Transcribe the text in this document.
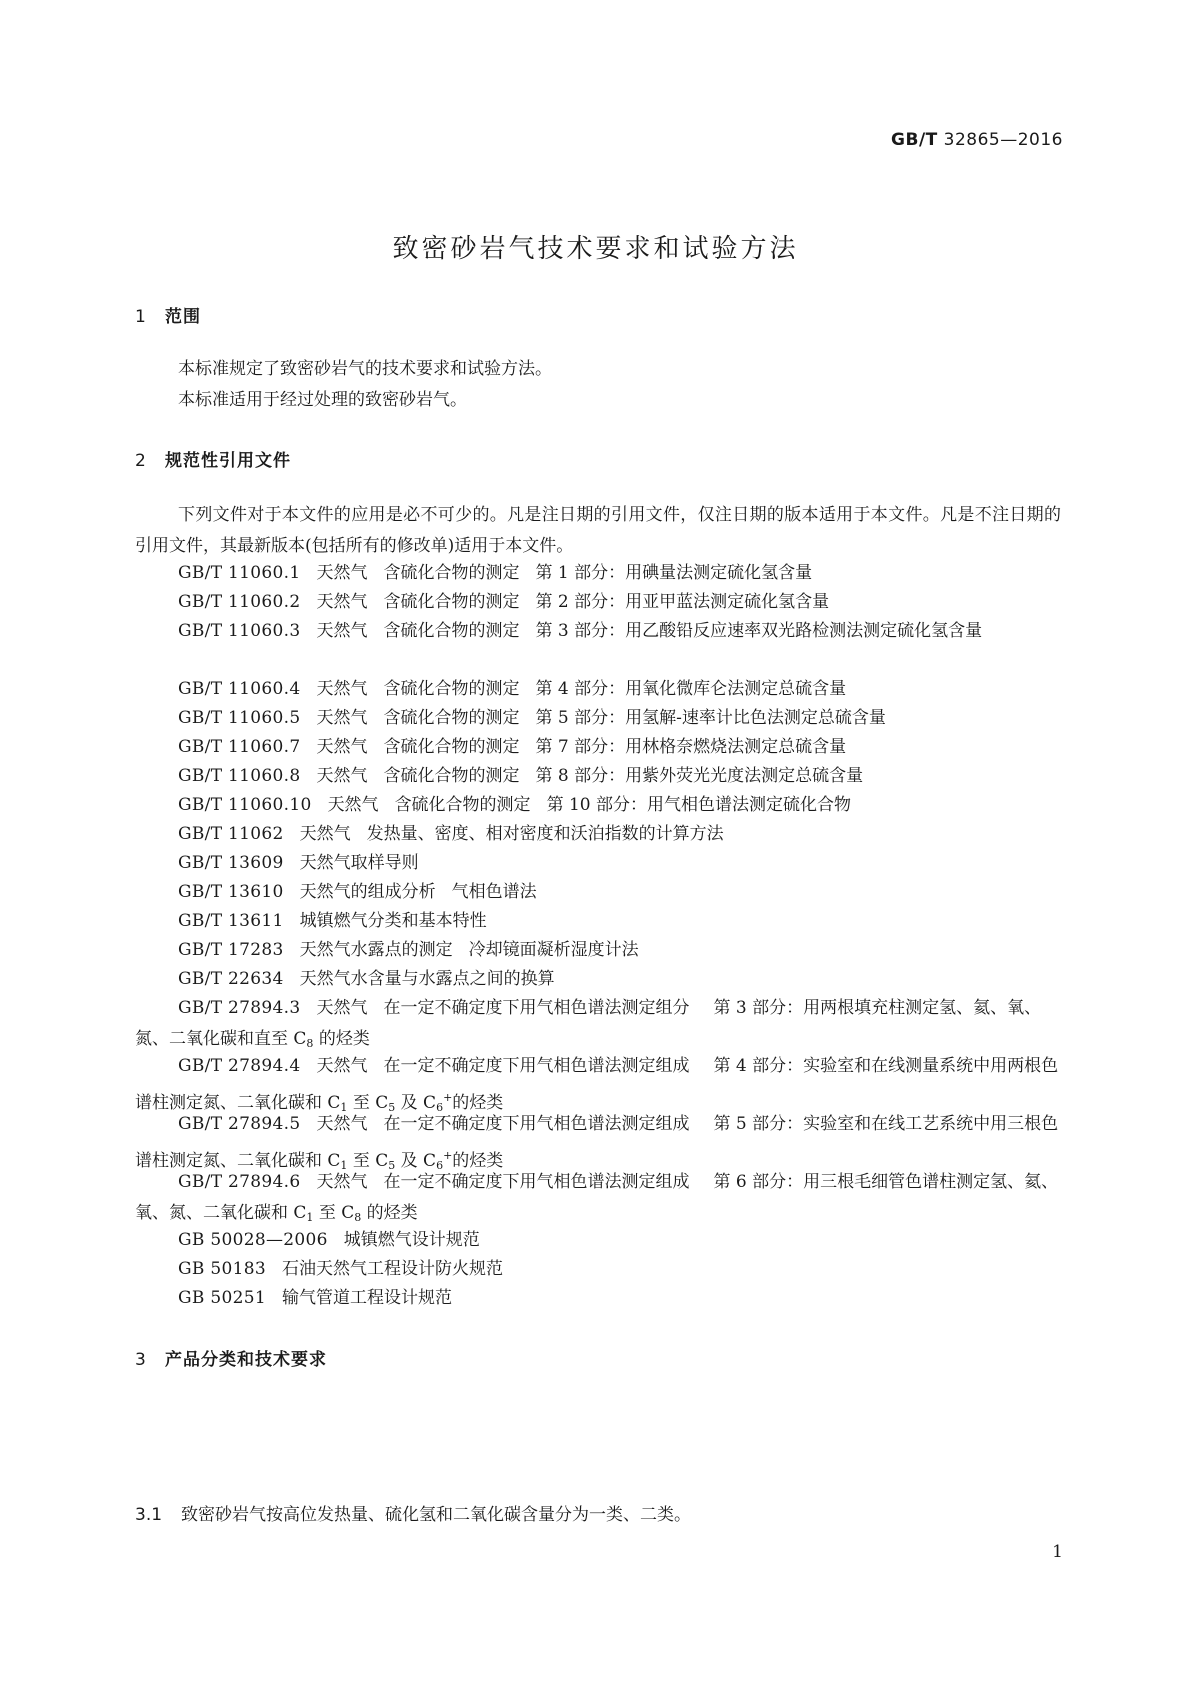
GB/T 32865—2016
致密砂岩气技术要求和试验方法
1 范围
本标准规定了致密砂岩气的技术要求和试验方法。
本标准适用于经过处理的致密砂岩气。
2 规范性引用文件
下列文件对于本文件的应用是必不可少的。凡是注日期的引用文件，仅注日期的版本适用于本文件。凡是不注日期的引用文件，其最新版本(包括所有的修改单)适用于本文件。
GB/T 11060.1 天然气 含硫化合物的测定 第 1 部分：用碘量法测定硫化氢含量
GB/T 11060.2 天然气 含硫化合物的测定 第 2 部分：用亚甲蓝法测定硫化氢含量
GB/T 11060.3 天然气 含硫化合物的测定 第 3 部分：用乙酸铅反应速率双光路检测法测定硫化氢含量
GB/T 11060.4 天然气 含硫化合物的测定 第 4 部分：用氧化微库仑法测定总硫含量
GB/T 11060.5 天然气 含硫化合物的测定 第 5 部分：用氢解-速率计比色法测定总硫含量
GB/T 11060.7 天然气 含硫化合物的测定 第 7 部分：用林格奈燃烧法测定总硫含量
GB/T 11060.8 天然气 含硫化合物的测定 第 8 部分：用紫外荧光光度法测定总硫含量
GB/T 11060.10 天然气 含硫化合物的测定 第 10 部分：用气相色谱法测定硫化合物
GB/T 11062 天然气 发热量、密度、相对密度和沃泊指数的计算方法
GB/T 13609 天然气取样导则
GB/T 13610 天然气的组成分析 气相色谱法
GB/T 13611 城镇燃气分类和基本特性
GB/T 17283 天然气水露点的测定 冷却镜面凝析湿度计法
GB/T 22634 天然气水含量与水露点之间的换算
GB/T 27894.3 天然气 在一定不确定度下用气相色谱法测定组分 第 3 部分：用两根填充柱测定氢、氦、氧、氮、二氧化碳和直至 $C_8$ 的烃类
GB/T 27894.4 天然气 在一定不确定度下用气相色谱法测定组成 第 4 部分：实验室和在线测量系统中用两根色谱柱测定氮、二氧化碳和 $C_1$ 至 $C_5$ 及 $C_6^+$的烃类
GB/T 27894.5 天然气 在一定不确定度下用气相色谱法测定组成 第 5 部分：实验室和在线工艺系统中用三根色谱柱测定氮、二氧化碳和 $C_1$ 至 $C_5$ 及 $C_6^+$的烃类
GB/T 27894.6 天然气 在一定不确定度下用气相色谱法测定组成 第 6 部分：用三根毛细管色谱柱测定氢、氦、氧、氮、二氧化碳和 $C_1$ 至 $C_8$ 的烃类
GB 50028—2006 城镇燃气设计规范
GB 50183 石油天然气工程设计防火规范
GB 50251 输气管道工程设计规范
3 产品分类和技术要求
3.1 致密砂岩气按高位发热量、硫化氢和二氧化碳含量分为一类、二类。
1
